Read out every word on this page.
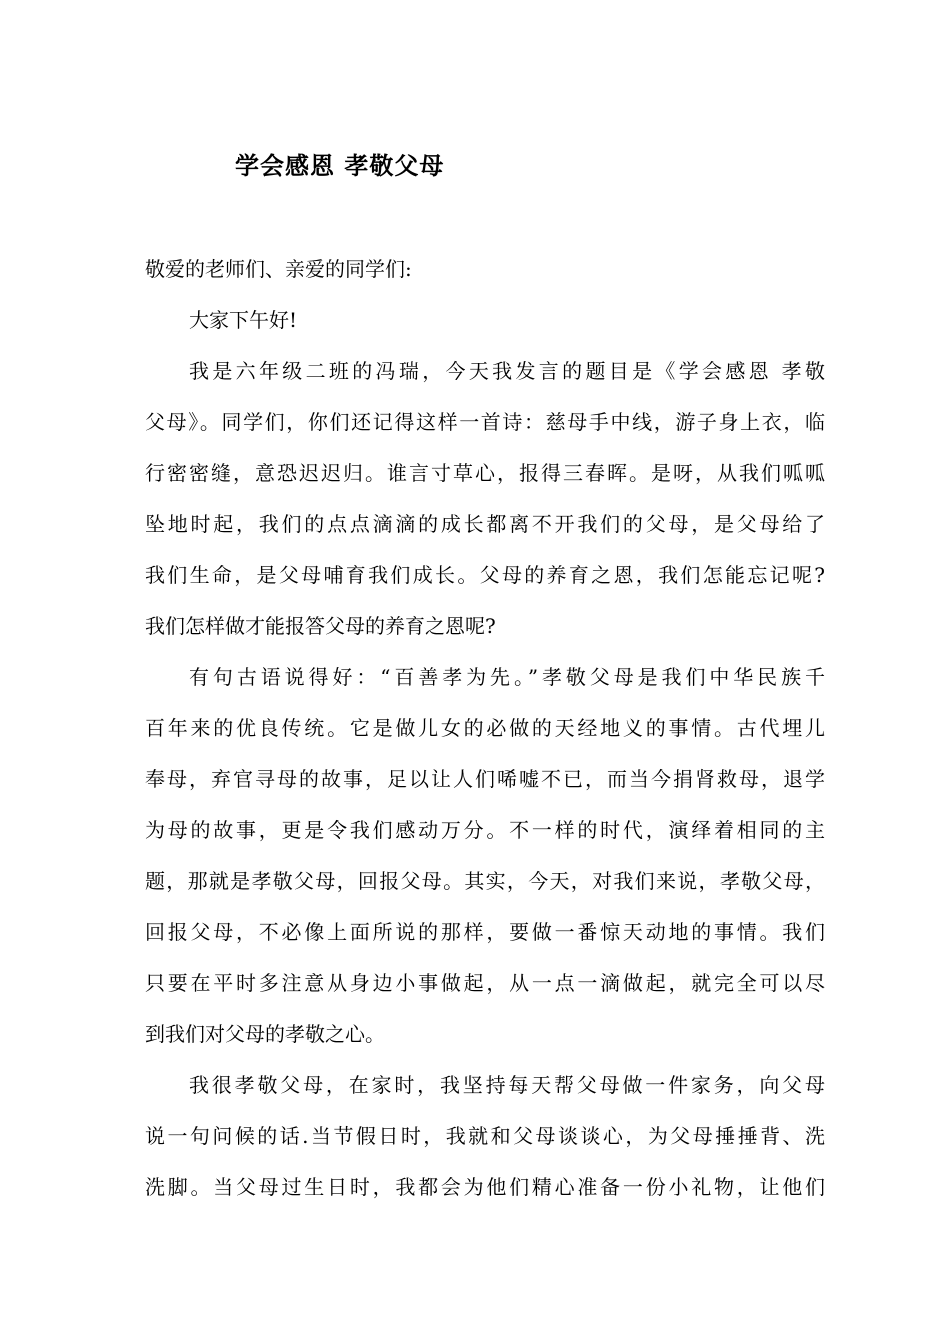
学会感恩 孝敬父母
敬爱的老师们、亲爱的同学们:
大家下午好!
我是六年级二班的冯瑞，今天我发言的题目是《学会感恩 孝敬
父母》。同学们，你们还记得这样一首诗：慈母手中线，游子身上衣，临
行密密缝，意恐迟迟归。谁言寸草心，报得三春晖。是呀，从我们呱呱
坠地时起，我们的点点滴滴的成长都离不开我们的父母，是父母给了
我们生命，是父母哺育我们成长。父母的养育之恩，我们怎能忘记呢?
我们怎样做才能报答父母的养育之恩呢?
有句古语说得好：“百善孝为先。”孝敬父母是我们中华民族千
百年来的优良传统。它是做儿女的必做的天经地义的事情。古代埋儿
奉母，弃官寻母的故事，足以让人们唏嘘不已，而当今捐肾救母，退学
为母的故事，更是令我们感动万分。不一样的时代，演绎着相同的主
题，那就是孝敬父母，回报父母。其实，今天，对我们来说，孝敬父母，
回报父母，不必像上面所说的那样，要做一番惊天动地的事情。我们
只要在平时多注意从身边小事做起，从一点一滴做起，就完全可以尽
到我们对父母的孝敬之心。
我很孝敬父母，在家时，我坚持每天帮父母做一件家务，向父母
说一句问候的话.当节假日时，我就和父母谈谈心，为父母捶捶背、洗
洗脚。当父母过生日时，我都会为他们精心准备一份小礼物，让他们
